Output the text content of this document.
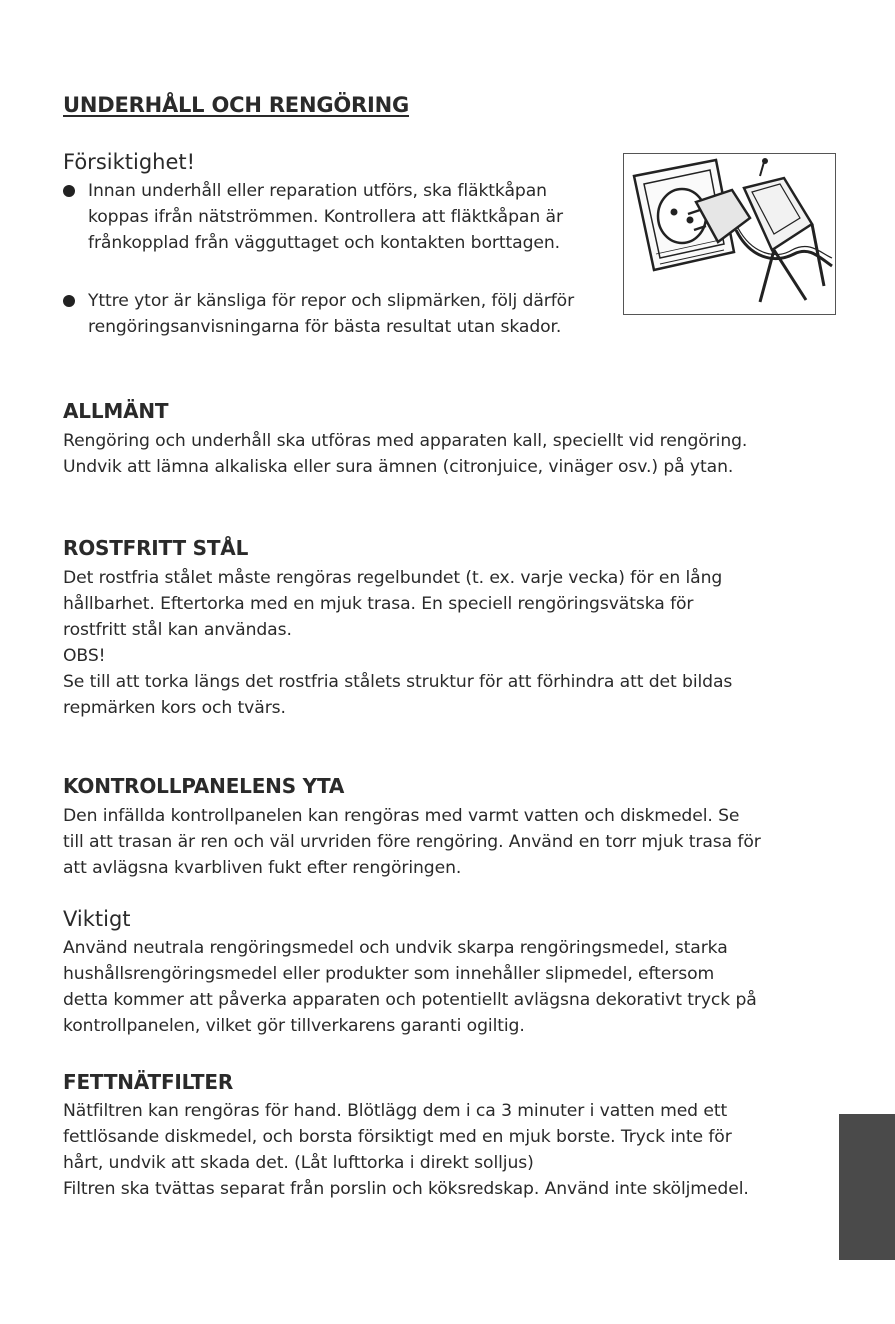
UNDERHÅLL OCH RENGÖRING
Försiktighet!

Innan underhåll eller reparation utförs, ska fläktkåpan
koppas ifrån nätströmmen. Kontrollera att fläktkåpan är
frånkopplad från vägguttaget och kontakten borttagen.

Yttre ytor är känsliga för repor och slipmärken, följ därför
rengöringsanvisningarna för bästa resultat utan skador.

ALLMÄNT

Rengöring och underhåll ska utföras med apparaten kall, speciellt vid rengöring.
Undvik att lämna alkaliska eller sura ämnen (citronjuice, vinäger osv.) på ytan.

ROSTFRITT STÅL

Det rostfria stålet måste rengöras regelbundet (t. ex. varje vecka) för en lång
hållbarhet. Eftertorka med en mjuk trasa. En speciell rengöringsvätska för
rostfritt stål kan användas.
OBS!
Se till att torka längs det rostfria stålets struktur för att förhindra att det bildas
repmärken kors och tvärs.

KONTROLLPANELENS YTA

Den infällda kontrollpanelen kan rengöras med varmt vatten och diskmedel. Se
till att trasan är ren och väl urvriden före rengöring. Använd en torr mjuk trasa för
att avlägsna kvarbliven fukt efter rengöringen.

Viktigt

Använd neutrala rengöringsmedel och undvik skarpa rengöringsmedel, starka
hushållsrengöringsmedel eller produkter som innehåller slipmedel, eftersom
detta kommer att påverka apparaten och potentiellt avlägsna dekorativt tryck på
kontrollpanelen, vilket gör tillverkarens garanti ogiltig.

FETTNÄTFILTER

Nätfiltren kan rengöras för hand. Blötlägg dem i ca 3 minuter i vatten med ett
fettlösande diskmedel, och borsta försiktigt med en mjuk borste. Tryck inte för
hårt, undvik att skada det. (Låt lufttorka i direkt solljus)
Filtren ska tvättas separat från porslin och köksredskap. Använd inte sköljmedel.
